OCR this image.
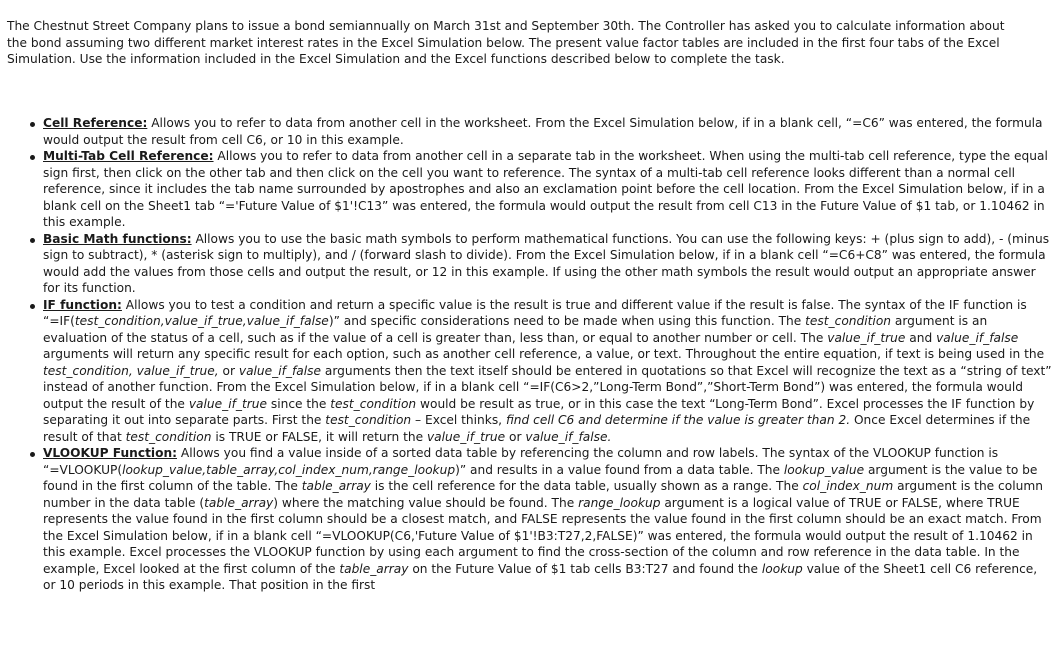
The Chestnut Street Company plans to issue a bond semiannually on March 31st and September 30th. The Controller has asked you to calculate information about the bond assuming two different market interest rates in the Excel Simulation below. The present value factor tables are included in the first four tabs of the Excel Simulation. Use the information included in the Excel Simulation and the Excel functions described below to complete the task.

Cell Reference: Allows you to refer to data from another cell in the worksheet. From the Excel Simulation below, if in a blank cell, “=C6” was entered, the formula would output the result from cell C6, or 10 in this example.
Multi-Tab Cell Reference: Allows you to refer to data from another cell in a separate tab in the worksheet. When using the multi-tab cell reference, type the equal sign first, then click on the other tab and then click on the cell you want to reference. The syntax of a multi-tab cell reference looks different than a normal cell reference, since it includes the tab name surrounded by apostrophes and also an exclamation point before the cell location. From the Excel Simulation below, if in a blank cell on the Sheet1 tab “='Future Value of $1'!C13” was entered, the formula would output the result from cell C13 in the Future Value of $1 tab, or 1.10462 in this example.
Basic Math functions: Allows you to use the basic math symbols to perform mathematical functions. You can use the following keys: + (plus sign to add), - (minus sign to subtract), * (asterisk sign to multiply), and / (forward slash to divide). From the Excel Simulation below, if in a blank cell “=C6+C8” was entered, the formula would add the values from those cells and output the result, or 12 in this example. If using the other math symbols the result would output an appropriate answer for its function.
IF function: Allows you to test a condition and return a specific value is the result is true and different value if the result is false. The syntax of the IF function is “=IF(test_condition,value_if_true,value_if_false)” and specific considerations need to be made when using this function. The test_condition argument is an evaluation of the status of a cell, such as if the value of a cell is greater than, less than, or equal to another number or cell. The value_if_true and value_if_false arguments will return any specific result for each option, such as another cell reference, a value, or text. Throughout the entire equation, if text is being used in the test_condition, value_if_true, or value_if_false arguments then the text itself should be entered in quotations so that Excel will recognize the text as a “string of text” instead of another function. From the Excel Simulation below, if in a blank cell “=IF(C6>2,”Long-Term Bond”,”Short-Term Bond”) was entered, the formula would output the result of the value_if_true since the test_condition would be result as true, or in this case the text “Long-Term Bond”. Excel processes the IF function by separating it out into separate parts. First the test_condition – Excel thinks, find cell C6 and determine if the value is greater than 2. Once Excel determines if the result of that test_condition is TRUE or FALSE, it will return the value_if_true or value_if_false.
VLOOKUP Function: Allows you find a value inside of a sorted data table by referencing the column and row labels. The syntax of the VLOOKUP function is “=VLOOKUP(lookup_value,table_array,col_index_num,range_lookup)” and results in a value found from a data table. The lookup_value argument is the value to be found in the first column of the table. The table_array is the cell reference for the data table, usually shown as a range. The col_index_num argument is the column number in the data table (table_array) where the matching value should be found. The range_lookup argument is a logical value of TRUE or FALSE, where TRUE represents the value found in the first column should be a closest match, and FALSE represents the value found in the first column should be an exact match. From the Excel Simulation below, if in a blank cell “=VLOOKUP(C6,'Future Value of $1'!B3:T27,2,FALSE)” was entered, the formula would output the result of 1.10462 in this example. Excel processes the VLOOKUP function by using each argument to find the cross-section of the column and row reference in the data table. In the example, Excel looked at the first column of the table_array on the Future Value of $1 tab cells B3:T27 and found the lookup value of the Sheet1 cell C6 reference, or 10 periods in this example. That position in the first
